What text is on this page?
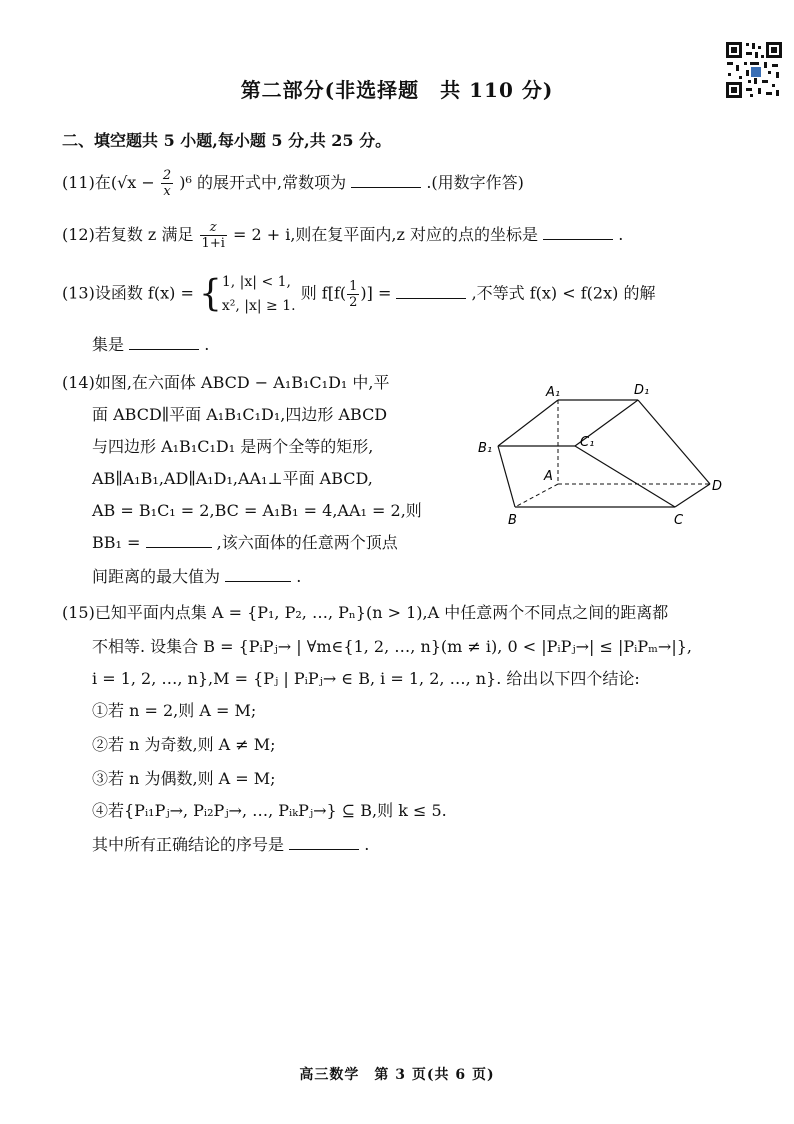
第二部分(非选择题　共 110 分)
二、填空题共 5 小题,每小题 5 分,共 25 分。
(11)在$(√x - \frac{2}{x} )^6$ 的展开式中,常数项为	.(用数字作答)
(12)若复数 z 满足 $\frac{z}{1+i} = 2 + i$,则在复平面内,z 对应的点的坐标是	.
(13)设函数 f(x) = { 1, |x| < 1,
x², |x| ≥ 1.
则 $f[f( \frac{1}{2}$ )] =	,不等式 f(x) < f(2x) 的解
集是	.
(14)如图,在六面体 ABCD − A₁B₁C₁D₁ 中,平
面 ABCD∥平面 A₁B₁C₁D₁,四边形 ABCD
与四边形 A₁B₁C₁D₁ 是两个全等的矩形,
AB∥A₁B₁,AD∥A₁D₁,AA₁⊥平面 ABCD,
AB = B₁C₁ = 2,BC = A₁B₁ = 4,AA₁ = 2,则
BB₁ =	,该六面体的任意两个顶点
间距离的最大值为	.
A₁	D₁
B₁	C₁
A
D
B	C
(15)已知平面内点集 A = {P₁, P₂, …, Pₙ}(n > 1),A 中任意两个不同点之间的距离都
不相等. 设集合 B = {PᵢPⱼ→ | ∀m∈{1, 2, …, n}(m ≠ i), 0 < |PᵢPⱼ→| ≤ |PᵢPₘ→|},
i = 1, 2, …, n},M = {Pⱼ | PᵢPⱼ→ ∈ B, i = 1, 2, …, n}. 给出以下四个结论:
①若 n = 2,则 A = M;
②若 n 为奇数,则 A ≠ M;
③若 n 为偶数,则 A = M;
④若{Pᵢ₁Pⱼ→, Pᵢ₂Pⱼ→, …, PᵢₖPⱼ→} ⊆ B,则 k ≤ 5.
其中所有正确结论的序号是	.
高三数学　第 3 页(共 6 页)
